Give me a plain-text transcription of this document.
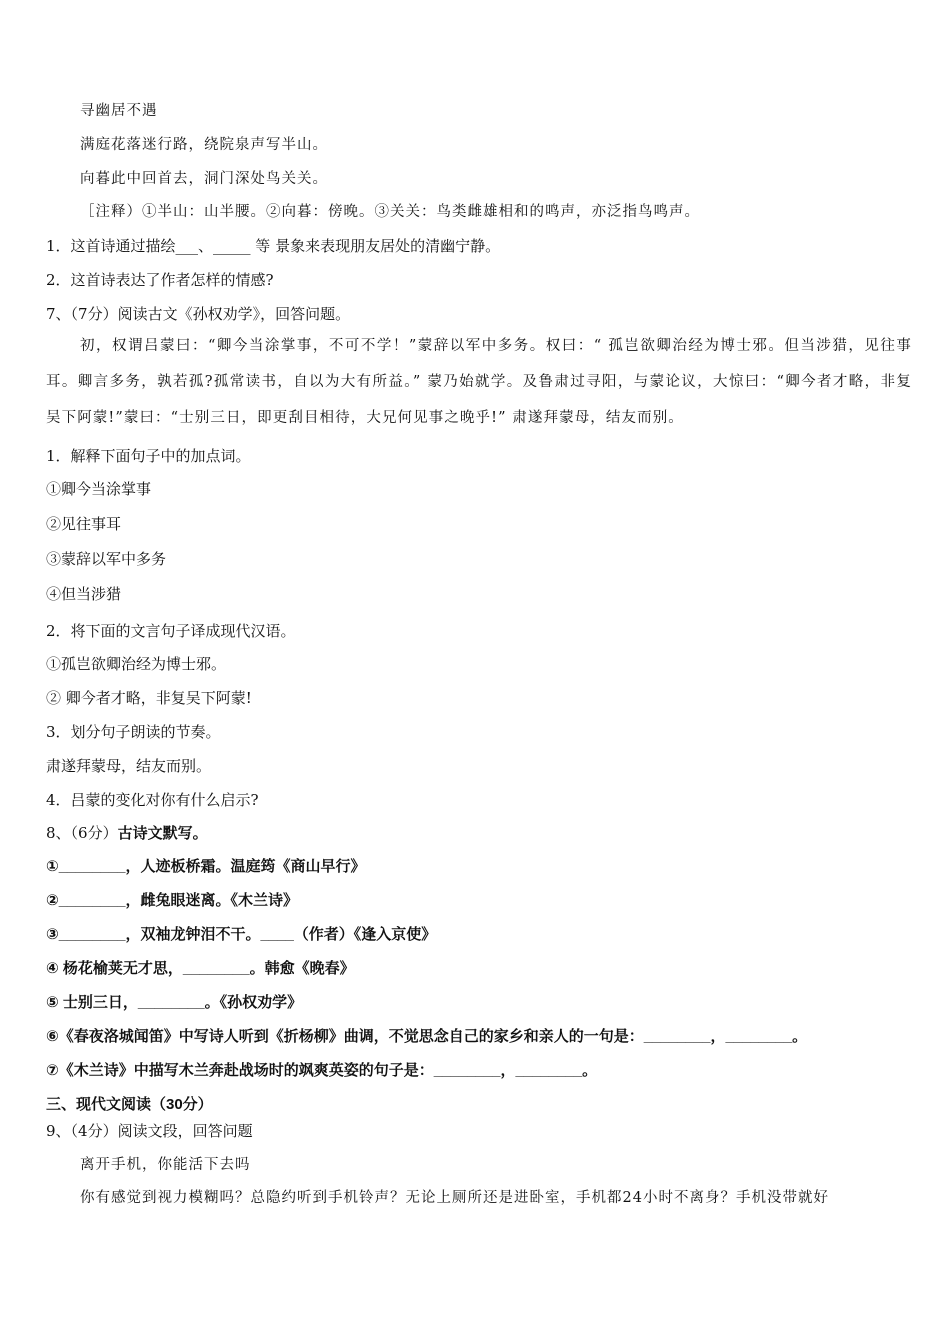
寻幽居不遇
满庭花落迷行路，绕院泉声写半山。
向暮此中回首去，洞门深处鸟关关。
［注释）①半山：山半腰。②向暮：傍晚。③关关：鸟类雌雄相和的鸣声，亦泛指鸟鸣声。
1．这首诗通过描绘___、_____ 等 景象来表现朋友居处的清幽宁静。
2．这首诗表达了作者怎样的情感?
7、（7分）阅读古文《孙权劝学》，回答问题。
初，权谓吕蒙曰：“卿今当涂掌事，不可不学！”蒙辞以军中多务。权曰：“ 孤岂欲卿治经为博士邪。但当涉猎，见往事耳。卿言多务，孰若孤?孤常读书，自以为大有所益。” 蒙乃始就学。及鲁肃过寻阳，与蒙论议，大惊曰：“卿今者才略，非复吴下阿蒙!”蒙曰：“士别三日，即更刮目相待，大兄何见事之晚乎!” 肃遂拜蒙母，结友而别。
1．解释下面句子中的加点词。
①卿今当涂掌事
②见往事耳
③蒙辞以军中多务
④但当涉猎
2．将下面的文言句子译成现代汉语。
①孤岂欲卿治经为博士邪。
② 卿今者才略，非复吴下阿蒙!
3．划分句子朗读的节奏。
肃遂拜蒙母，结友而别。
4．吕蒙的变化对你有什么启示?
8、（6分）古诗文默写。
①________，人迹板桥霜。温庭筠《商山早行》
②________，雌兔眼迷离。《木兰诗》
③________，双袖龙钟泪不干。____（作者）《逢入京使》
④ 杨花榆荚无才思，________。韩愈《晚春》
⑤ 士别三日，________。《孙权劝学》
⑥《春夜洛城闻笛》中写诗人听到《折杨柳》曲调，不觉思念自己的家乡和亲人的一句是：________，________。
⑦《木兰诗》中描写木兰奔赴战场时的飒爽英姿的句子是：________，________。
三、现代文阅读（30分）
9、（4分）阅读文段，回答问题
离开手机，你能活下去吗
你有感觉到视力模糊吗？总隐约听到手机铃声？无论上厕所还是进卧室，手机都24小时不离身？手机没带就好
